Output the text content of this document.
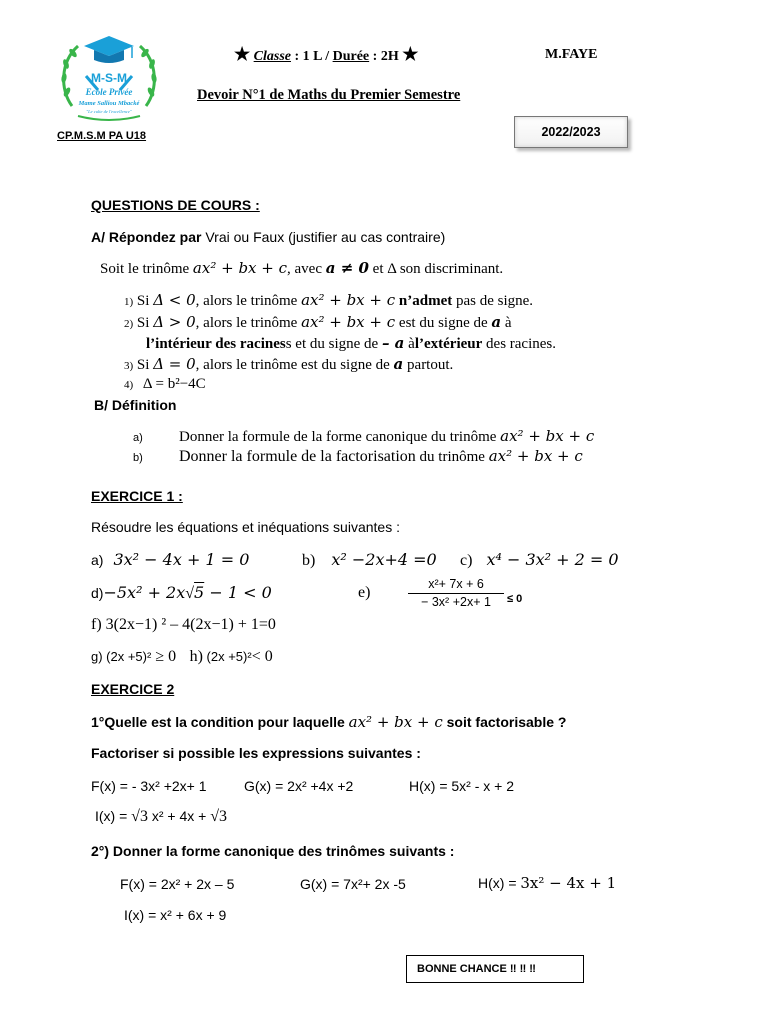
M-S-M
Ecole Privée
Mame Salliou Mbacké
"Le culte de l'excellence"
★ Classe : 1 L / Durée : 2H ★	M.FAYE
Devoir N°1 de Maths du Premier Semestre
CP.M.S.M PA U18	2022/2023
QUESTIONS DE COURS :
A/ Répondez par Vrai ou Faux (justifier au cas contraire)
Soit le trinôme ax² + bx + c, avec a ≠ 0 et Δ son discriminant.
1) Si Δ < 0, alors le trinôme ax² + bx + c n’admet pas de signe.
2) Si Δ > 0, alors le trinôme ax² + bx + c est du signe de a à
l’intérieur des raciness et du signe de – a àl’extérieur des racines.
3) Si Δ = 0, alors le trinôme est du signe de a partout.
4) Δ = b²−4C
B/ Définition
a) Donner la formule de la forme canonique du trinôme ax² + bx + c
b) Donner la formule de la factorisation du trinôme ax² + bx + c
EXERCICE 1 :
Résoudre les équations et inéquations suivantes :
a) 3x² − 4x + 1 = 0	b) x² −2x+4 =0 c) x⁴ − 3x² + 2 = 0
d)−5x² + 2x√5 − 1 < 0	e)	x²+ 7x + 6
− 3x² +2x+ 1	≤ 0
f) 3(2x−1) ² – 4(2x−1) + 1=0
g) (2x +5)² ≥ 0 h) (2x +5)²< 0
EXERCICE 2
1°Quelle est la condition pour laquelle ax² + bx + c soit factorisable ?
Factoriser si possible les expressions suivantes :
F(x) = - 3x² +2x+ 1	G(x) = 2x² +4x +2	H(x) = 5x² - x + 2
I(x) = √3 x² + 4x + √3
2°) Donner la forme canonique des trinômes suivants :
F(x) = 2x² + 2x – 5	G(x) = 7x²+ 2x -5	H(x) = 3x² − 4x + 1
I(x) = x² + 6x + 9
BONNE CHANCE ‼ ‼ ‼
